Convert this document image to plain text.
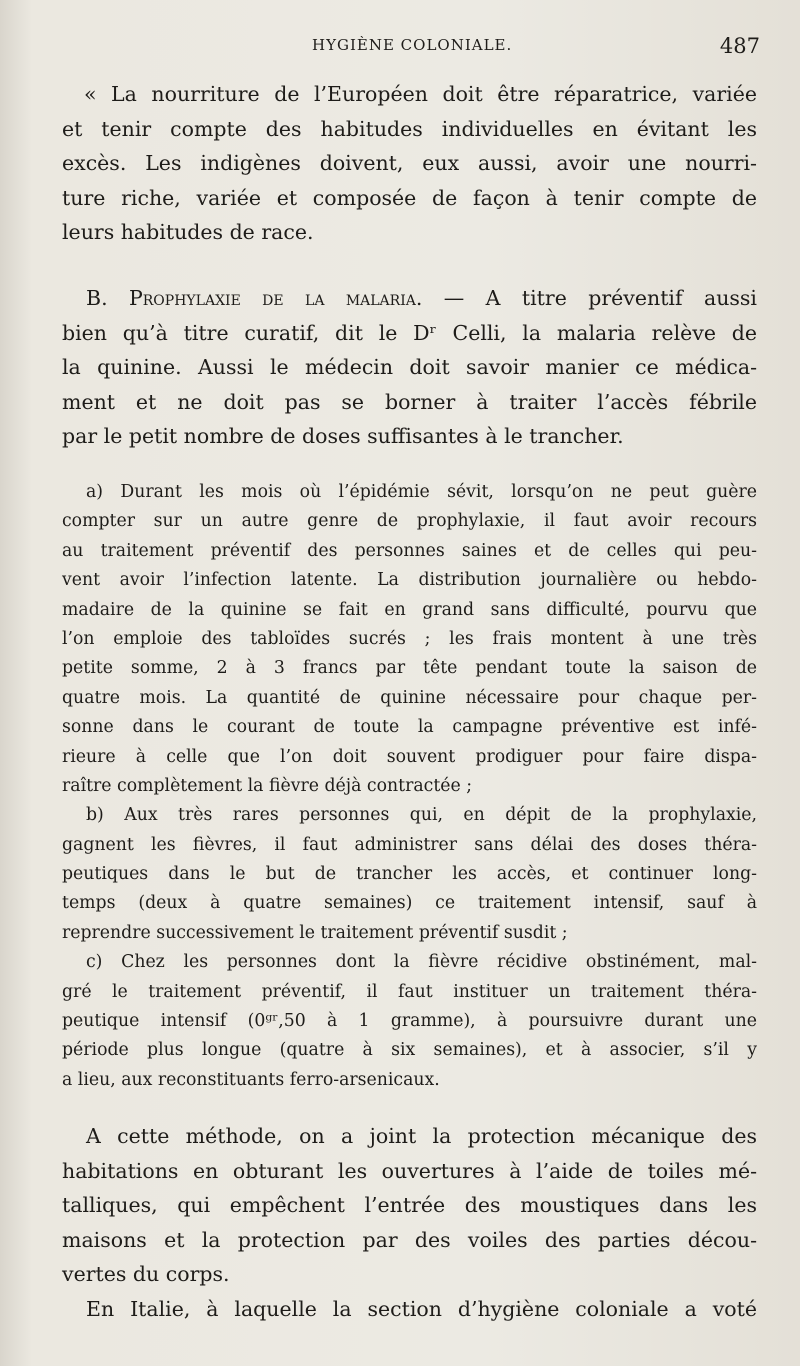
HYGIÈNE COLONIALE.	487
« La nourriture de l’Européen doit être réparatrice, variée
et tenir compte des habitudes individuelles en évitant les
excès. Les indigènes doivent, eux aussi, avoir une nourri-
ture riche, variée et composée de façon à tenir compte de
leurs habitudes de race.
B. Prophylaxie de la malaria. — A titre préventif aussi
bien qu’à titre curatif, dit le Dʳ Celli, la malaria relève de
la quinine. Aussi le médecin doit savoir manier ce médica-
ment et ne doit pas se borner à traiter l’accès fébrile
par le petit nombre de doses suffisantes à le trancher.
a) Durant les mois où l’épidémie sévit, lorsqu’on ne peut guère
compter sur un autre genre de prophylaxie, il faut avoir recours
au traitement préventif des personnes saines et de celles qui peu-
vent avoir l’infection latente. La distribution journalière ou hebdo-
madaire de la quinine se fait en grand sans difficulté, pourvu que
l’on emploie des tabloïdes sucrés ; les frais montent à une très
petite somme, 2 à 3 francs par tête pendant toute la saison de
quatre mois. La quantité de quinine nécessaire pour chaque per-
sonne dans le courant de toute la campagne préventive est infé-
rieure à celle que l’on doit souvent prodiguer pour faire dispa-
raître complètement la fièvre déjà contractée ;
b) Aux très rares personnes qui, en dépit de la prophylaxie,
gagnent les fièvres, il faut administrer sans délai des doses théra-
peutiques dans le but de trancher les accès, et continuer long-
temps (deux à quatre semaines) ce traitement intensif, sauf à
reprendre successivement le traitement préventif susdit ;
c) Chez les personnes dont la fièvre récidive obstinément, mal-
gré le traitement préventif, il faut instituer un traitement théra-
peutique intensif (0ᵍʳ,50 à 1 gramme), à poursuivre durant une
période plus longue (quatre à six semaines), et à associer, s’il y
a lieu, aux reconstituants ferro-arsenicaux.
A cette méthode, on a joint la protection mécanique des
habitations en obturant les ouvertures à l’aide de toiles mé-
talliques, qui empêchent l’entrée des moustiques dans les
maisons et la protection par des voiles des parties décou-
vertes du corps.
En Italie, à laquelle la section d’hygiène coloniale a voté
